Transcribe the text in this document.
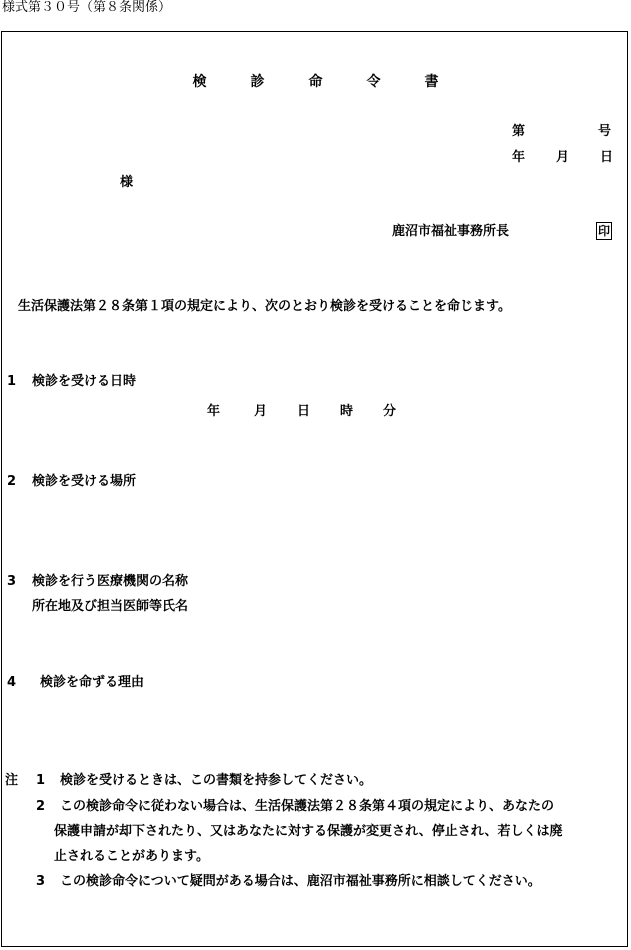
様式第３０号（第８条関係）
検	診	命	令	書
第	号
年 月 日
様
鹿沼市福祉事務所長	印
生活保護法第２８条第１項の規定により、次のとおり検診を受けることを命じます。
1 検診を受ける日時
年	月 日 時 分
2 検診を受ける場所
3 検診を行う医療機関の名称
所在地及び担当医師等氏名
4 検診を命ずる理由
注 1 検診を受けるときは、この書類を持参してください。
2 この検診命令に従わない場合は、生活保護法第２８条第４項の規定により、あなたの
保護申請が却下されたり、又はあなたに対する保護が変更され、停止され、若しくは廃
止されることがあります。
3 この検診命令について疑問がある場合は、鹿沼市福祉事務所に相談してください。
